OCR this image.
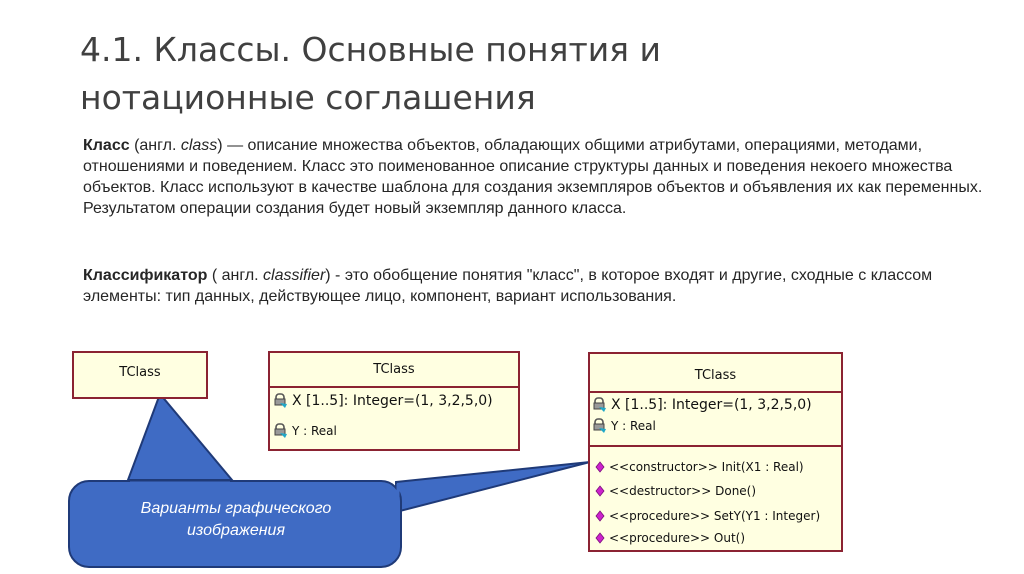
4.1. Классы. Основные понятия и
нотационные соглашения

Класс (англ. class) — описание множества объектов, обладающих общими атрибутами, операциями, методами, отношениями и поведением. Класс это поименованное описание структуры данных и поведения некоего множества объектов. Класс используют в качестве шаблона для создания экземпляров объектов и объявления их как переменных. Результатом операции создания будет новый экземпляр данного класса.

Классификатор ( англ. classifier) - это обобщение понятия "класс", в которое входят и другие, сходные с классом элементы: тип данных, действующее лицо, компонент, вариант использования.

TClass	TClass
X [1..5]: Integer=(1, 3,2,5,0)
Y : Real
TClass
X [1..5]: Integer=(1, 3,2,5,0)
Y : Real
<<constructor>> Init(X1 : Real)
<<destructor>> Done()
<<procedure>> SetY(Y1 : Integer)
<<procedure>> Out()
Варианты графического
изображения
